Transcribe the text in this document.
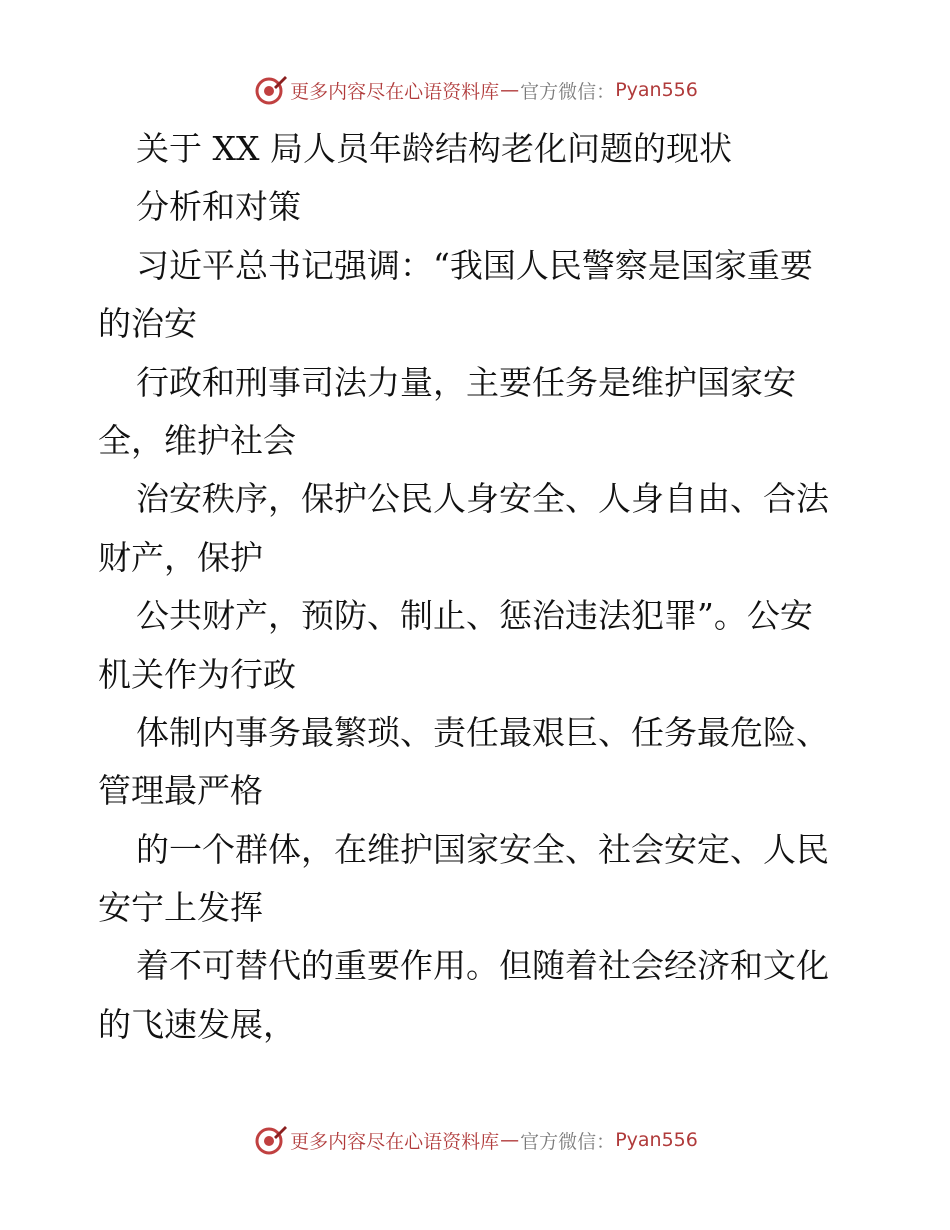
更多内容尽在心语资料库 — 官方微信： Pyan556
关于 XX 局人员年龄结构老化问题的现状
分析和对策
习近平总书记强调：“我国人民警察是国家重要
的治安
行政和刑事司法力量，主要任务是维护国家安
全，维护社会
治安秩序，保护公民人身安全、人身自由、合法
财产，保护
公共财产，预防、制止、惩治违法犯罪”。公安
机关作为行政
体制内事务最繁琐、责任最艰巨、任务最危险、
管理最严格
的一个群体，在维护国家安全、社会安定、人民
安宁上发挥
着不可替代的重要作用。但随着社会经济和文化
的飞速发展，
更多内容尽在心语资料库 — 官方微信： Pyan556
